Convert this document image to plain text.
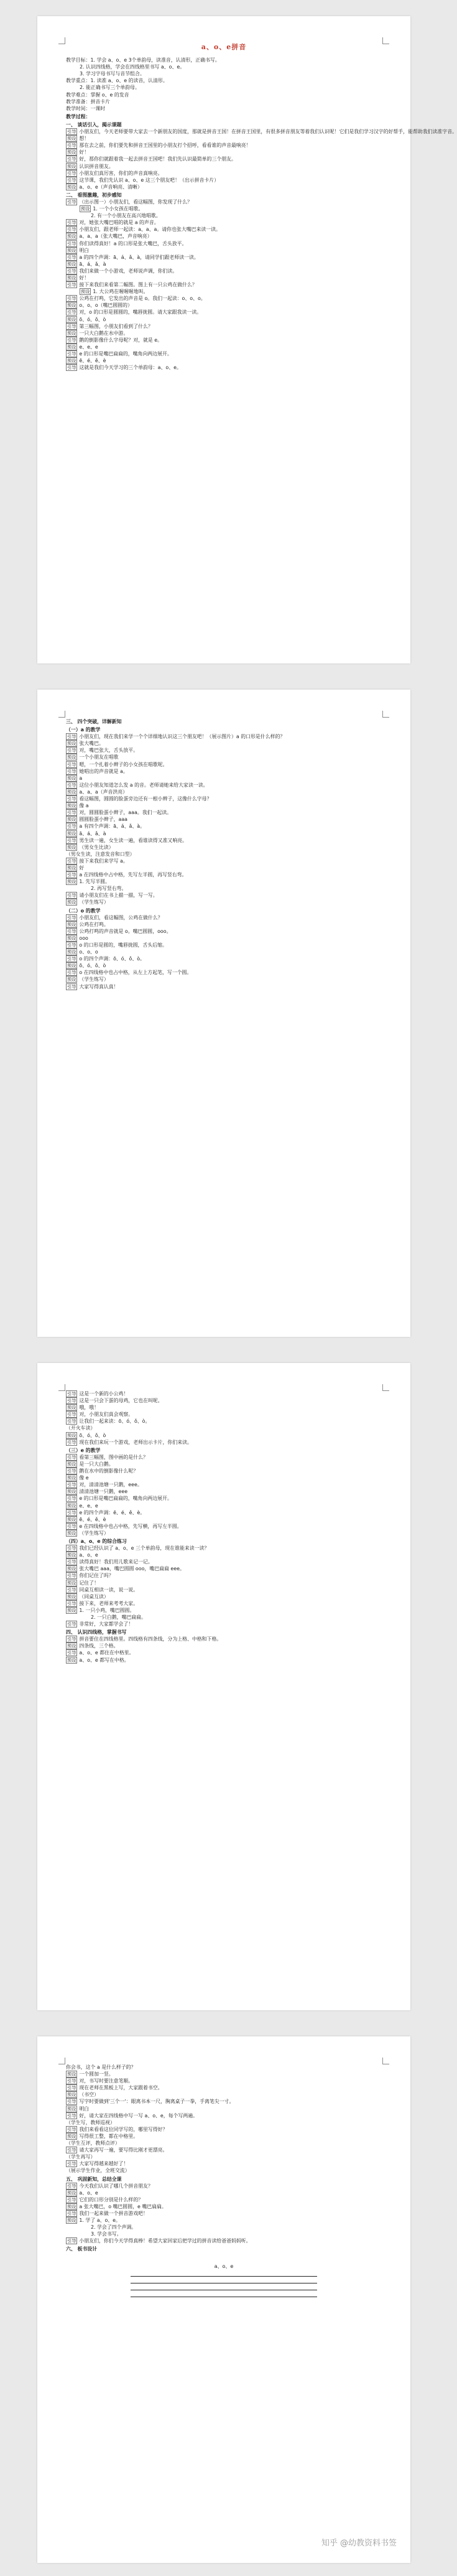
a、o、e拼音
教学目标：1. 学会 a、o、e 3个单韵母，读准音，认清形，正确书写。
2. 认识四线格，学会在四线格里书写 a、o、e。
3. 学习字母书写与音节组合。
教学重点：1. 读准 a、o、e 的读音，认清形。
2. 能正确书写三个单韵母。
教学难点：掌握 o、e 的发音
教学准备：拼音卡片
教学时间：一课时
教学过程：
一、 谈话引入，揭示课题
引导 小朋友们，今天老师要带大家去一个新朋友的国度，那就是拼音王国！在拼音王国里，有很多拼音朋友等着我们认识呢！它们是我们学习汉字的好帮手，能帮助我们读准字音。
预设 想！
引导 那在去之前，你们要先和拼音王国里的小朋友打个招呼，看看谁的声音最响亮！
预设 好！
引导 好，那你们就跟着我一起去拼音王国吧！我们先认识最简单的三个朋友。
预设 认识拼音朋友。
引导 小朋友们真厉害，你们的声音真响亮。
引导 这节课，我们先认识 a、o、e 这三个朋友吧！（出示拼音卡片）
预设 a、o、e（声音响亮、清晰）
二、 看图激趣，初步感知
引导 （出示图一）小朋友们，看这幅图，你发现了什么？
预设 1. 一个小女孩在唱歌。
2. 有一个小朋友在高兴地唱歌。
引导 对，她张大嘴巴唱的就是 a 的声音。
引导 小朋友们，跟老师一起读：a、a、a。请你也张大嘴巴来读一读。
预设 a、a、a（张大嘴巴，声音响亮）
引导 你们读得真好！a 的口形是张大嘴巴，舌头放平。
预设 明白
引导 a 的四个声调：ā、á、ǎ、à，请同学们跟老师读一读。
预设 ā、á、ǎ、à
引导 我们来做一个小游戏，老师说声调，你们读。
预设 好！
引导 接下来我们来看第二幅图。图上有一只公鸡在做什么？
预设 1. 大公鸡在喔喔喔地叫。
引导 公鸡在打鸣，它发出的声音是 o。我们一起读：o、o、o。
预设 o、o、o（嘴巴圆圆的）
引导 对，o 的口形是圆圆的，嘴唇拢圆。请大家跟我读一读。
预设 ō、ó、ǒ、ò
引导 第三幅图，小朋友们看到了什么？
预设 一只大白鹅在水中游。
引导 鹅的倒影像什么字母呢？对，就是 e。
预设 e、e、e
引导 e 的口形是嘴巴扁扁的，嘴角向两边展开。
预设 ē、é、ě、è
引导 这就是我们今天学习的三个单韵母：a、o、e。
三、 四个突破，详解新知
（一）a 的教学
引导 小朋友们，现在我们来学一个个详细地认识这三个朋友吧！（展示图片）a 的口形是什么样的？
预设 张大嘴巴。
引导 对，嘴巴张大，舌头放平。
预设 一个小朋友在唱歌
引导 嗯，一个扎着小辫子的小女孩在唱歌呢。
引导 她唱出的声音就是 a。
预设 a
引导 这位小朋友知道怎么发 a 的音。老师请她来给大家读一读。
预设 a、a、a（声音洪亮）
引导 看这幅图，圆圆的脸蛋旁边还有一根小辫子，这像什么字母？
预设 像 a
引导 对，圆圆脸蛋小辫子，aaa。我们一起读。
预设 圆圆脸蛋小辫子，aaa
引导 a 有四个声调：ā、á、ǎ、à。
预设 ā、á、ǎ、à
引导 男生读一遍，女生读一遍，看谁读得又准又响亮。
预设 （男女生比读）
（男女生读，注意发音和口型）
引导 接下来我们来学写 a。
预设 好
引导 a 在四线格中占中格，先写左半圆，再写竖右弯。
预设 1. 先写半圆。
2. 再写竖右弯。
引导 请小朋友们在书上描一描，写一写。
预设 （学生练写）
（二）o 的教学
引导 小朋友们，看这幅图，公鸡在做什么？
预设 公鸡在打鸣。
引导 公鸡打鸣的声音就是 o。嘴巴圆圆，ooo。
预设 ooo
引导 o 的口形是圆的，嘴唇拢圆，舌头后缩。
预设 o、o、o
引导 o 的四个声调：ō、ó、ǒ、ò。
预设 ō、ó、ǒ、ò
引导 o 在四线格中也占中格，从左上方起笔，写一个圆。
预设 （学生练写）
引导 大家写得真认真！
引导 这是一个新的小公鸡！
引导 这是一只会下蛋的母鸡，它也在叫呢。
预设 哦，哦！
引导 对，小朋友们真会观察。
引导 让我们一起来读：ō、ó、ǒ、ò。
（开火车读）
预设 ō、ó、ǒ、ò
引导 现在我们来玩一个游戏，老师出示卡片，你们来读。
（三）e 的教学
引导 看第三幅图，图中画的是什么？
预设 是一只大白鹅。
引导 鹅在水中的倒影像什么呢？
预设 像 e
引导 对，清清池塘一只鹅，eee。
预设 清清池塘一只鹅，eee
引导 e 的口形是嘴巴扁扁的，嘴角向两边展开。
预设 e、e、e
引导 e 的四个声调：ē、é、ě、è。
预设 ē、é、ě、è
引导 e 在四线格中也占中格，先写横，再写左半圆。
预设 （学生练写）
（四）a、o、e 的综合练习
引导 我们已经认识了 a、o、e 三个单韵母，现在谁能来读一读？
预设 a、o、e
引导 读得真好！我们用儿歌来记一记。
预设 张大嘴巴 aaa，嘴巴圆圆 ooo，嘴巴扁扁 eee。
引导 你们记住了吗？
预设 记住了！
引导 同桌互相读一读，说一说。
预设 （同桌互读）
引导 接下来，老师来考考大家。
预设 1. 一只小鸡，嘴巴圆圆。
2. 一只白鹅，嘴巴扁扁。
引导 非常好，大家都学会了！
四、 认识四线格，掌握书写
引导 拼音要住在四线格里。四线格有四条线，分为上格、中格和下格。
预设 四条线，三个格。
引导 a、o、e 都住在中格里。
预设 a、o、e 都写在中格。
你会书，这个 a 是什么样子的？
预设 一个圆加一竖。
引导 对，书写时要注意笔顺。
引导 现在老师在黑板上写，大家跟着书空。
预设 （书空）
引导 写字时要做到'三个一'：眼离书本一尺，胸离桌子一拳，手离笔尖一寸。
预设 明白
引导 好，请大家在四线格中写一写 a、o、e，每个写两遍。
（学生写，教师巡视）
引导 我们来看看这位同学写的，哪里写得好？
预设 写得很工整，都在中格里。
（学生互评，教师点评）
引导 请大家再写一遍，要写得比刚才更漂亮。
（学生再写）
引导 大家写得越来越好了！
（展示学生作业，全班交流）
五、 巩固新知，总结全课
引导 今天我们认识了哪几个拼音朋友？
预设 a、o、e
引导 它们的口形分别是什么样的？
预设 a 张大嘴巴，o 嘴巴圆圆，e 嘴巴扁扁。
引导 我们一起来做一个拼音游戏吧！
预设 1. 学了 a、o、e。
2. 学会了四个声调。
3. 学会书写。
引导 小朋友们，你们今天学得真棒！希望大家回家后把学过的拼音读给爸爸妈妈听。
六、 板书设计
a、o、e
知乎 @幼教资料书签
